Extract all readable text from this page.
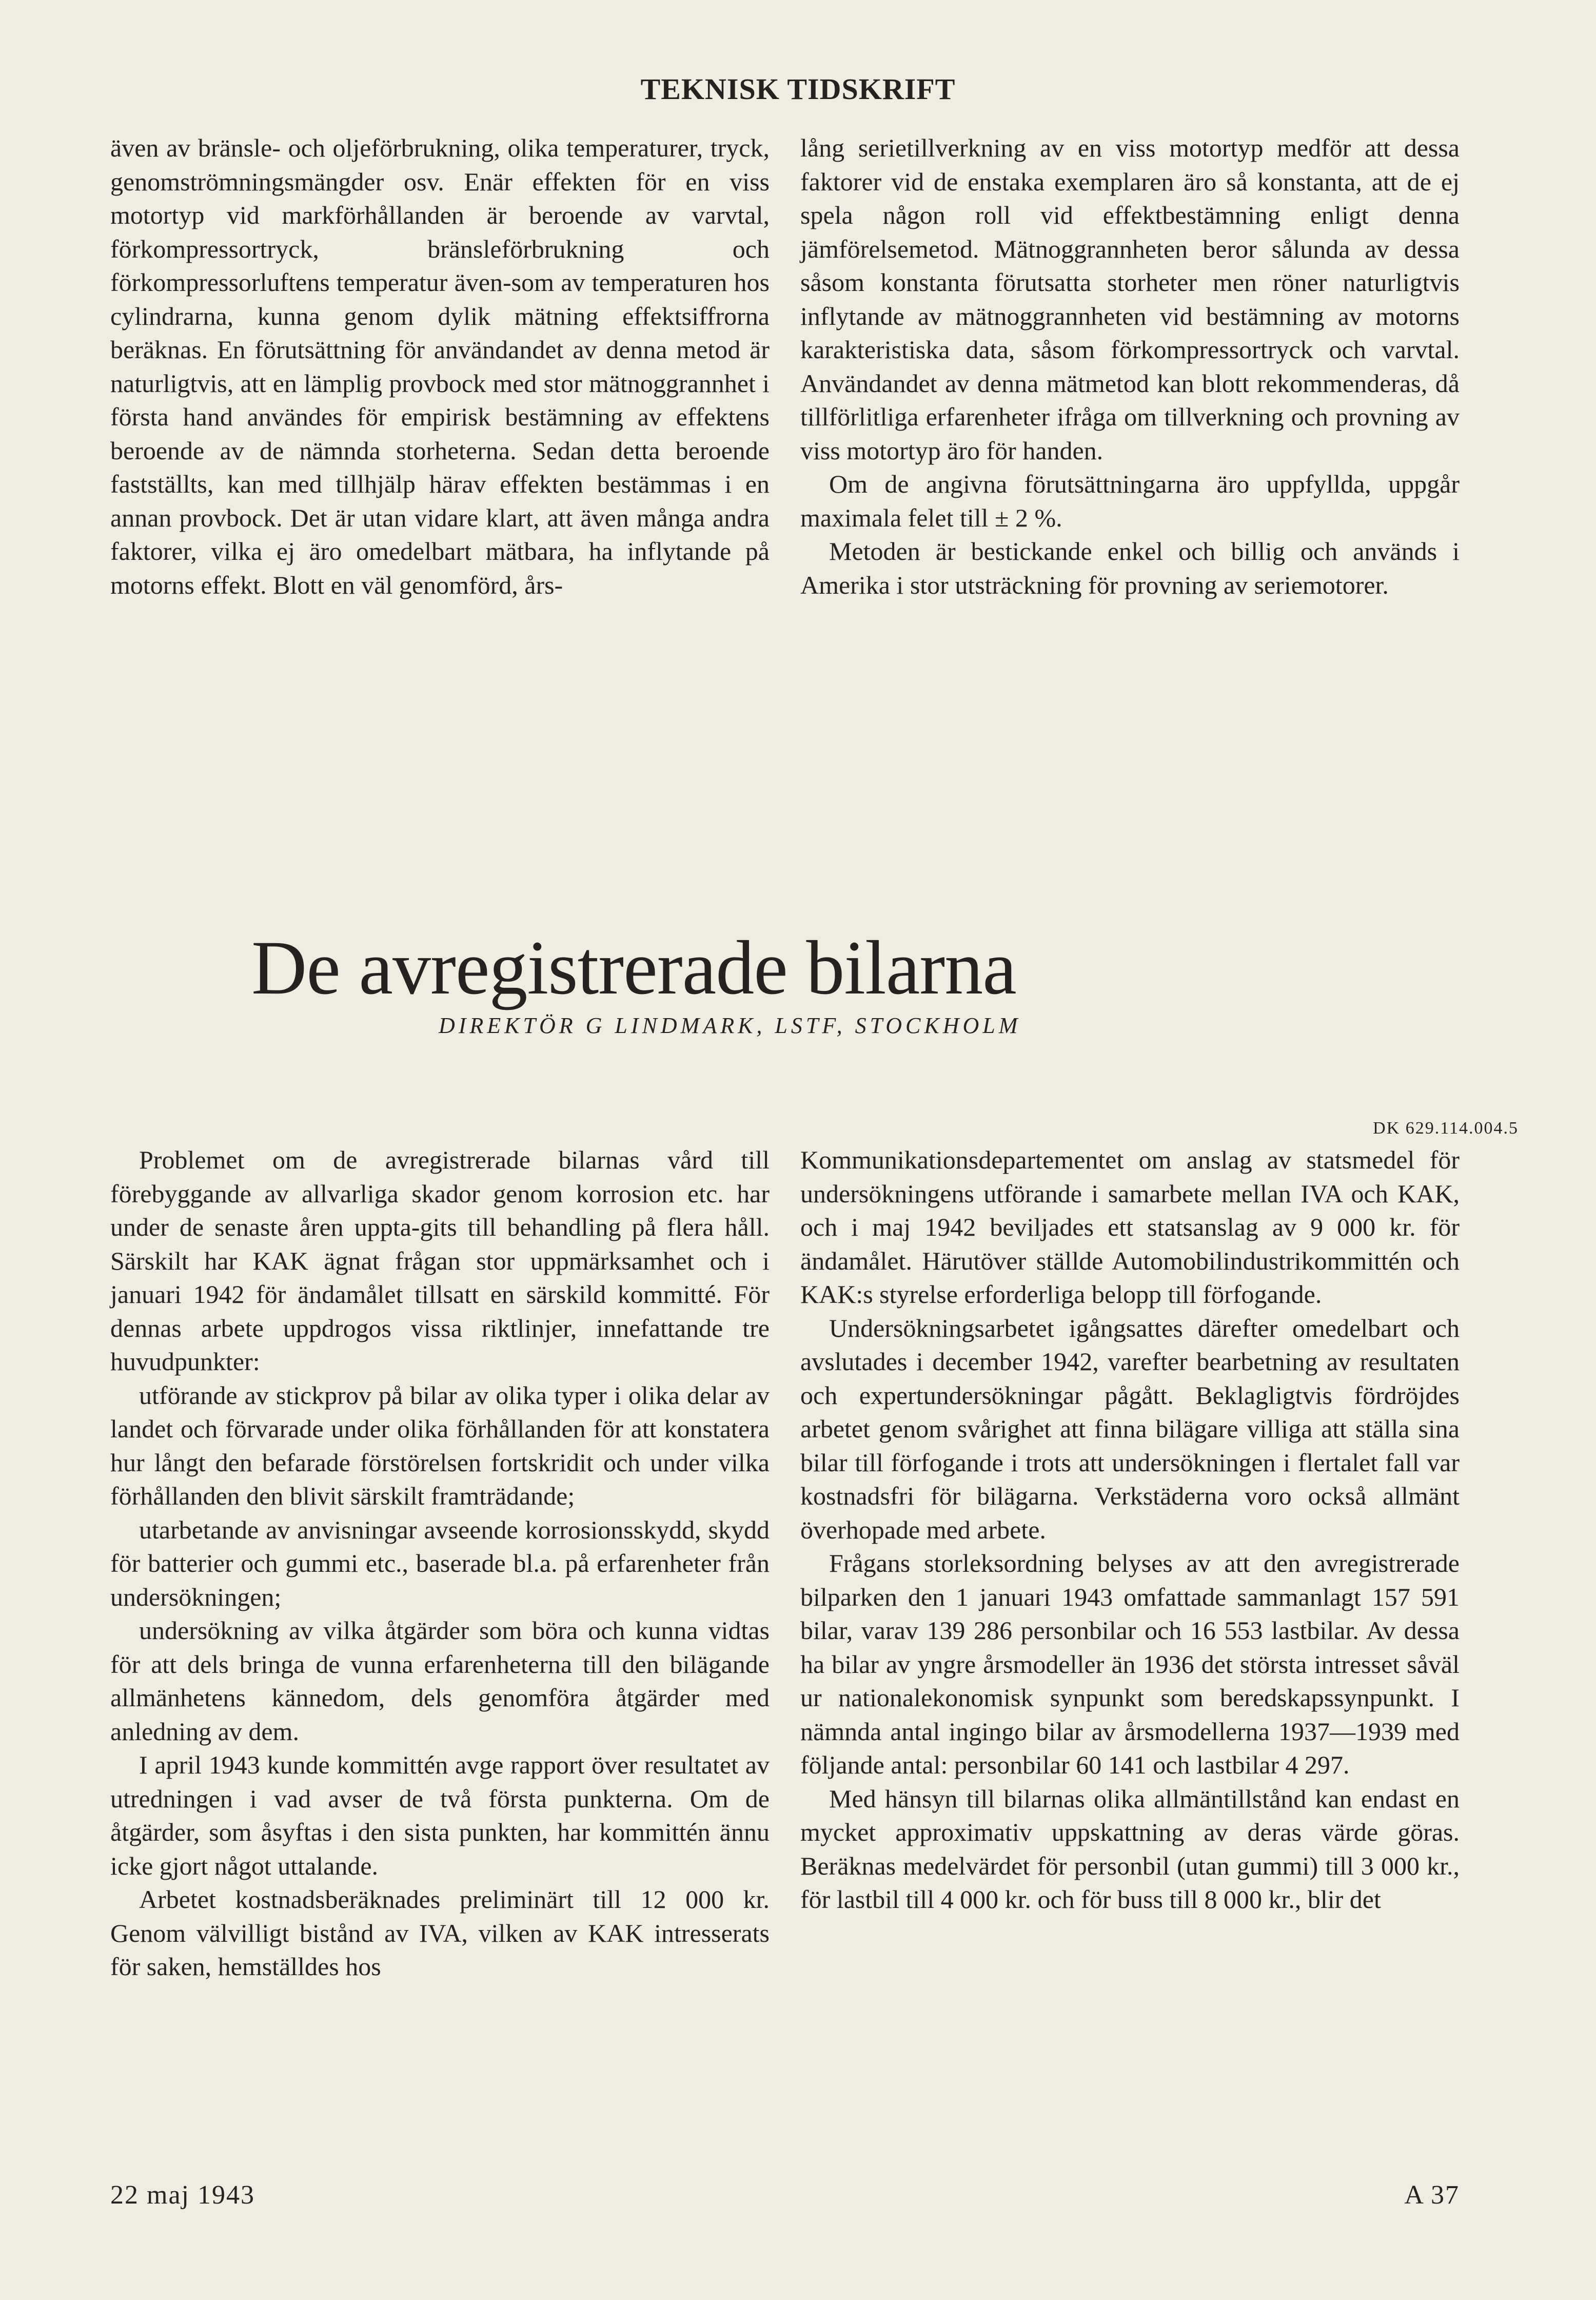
TEKNISK TIDSKRIFT

även av bränsle- och oljeförbrukning, olika temperaturer, tryck, genomströmningsmängder osv. Enär effekten för en viss motortyp vid markförhållanden är beroende av varvtal, förkompressortryck, bränsleförbrukning och förkompressorluftens temperatur även-som av temperaturen hos cylindrarna, kunna genom dylik mätning effektsiffrorna beräknas. En förutsättning för användandet av denna metod är naturligtvis, att en lämplig provbock med stor mätnoggrannhet i första hand användes för empirisk bestämning av effektens beroende av de nämnda storheterna. Sedan detta beroende fastställts, kan med tillhjälp härav effekten bestämmas i en annan provbock. Det är utan vidare klart, att även många andra faktorer, vilka ej äro omedelbart mätbara, ha inflytande på motorns effekt. Blott en väl genomförd, års-

lång serietillverkning av en viss motortyp medför att dessa faktorer vid de enstaka exemplaren äro så konstanta, att de ej spela någon roll vid effektbestämning enligt denna jämförelsemetod. Mätnoggrannheten beror sålunda av dessa såsom konstanta förutsatta storheter men röner naturligtvis inflytande av mätnoggrannheten vid bestämning av motorns karakteristiska data, såsom förkompressortryck och varvtal. Användandet av denna mätmetod kan blott rekommenderas, då tillförlitliga erfarenheter ifråga om tillverkning och provning av viss motortyp äro för handen.

Om de angivna förutsättningarna äro uppfyllda, uppgår maximala felet till ± 2 %.

Metoden är bestickande enkel och billig och används i Amerika i stor utsträckning för provning av seriemotorer.

De avregistrerade bilarna
DIREKTÖR G LINDMARK, LSTF, STOCKHOLM
DK 629.114.004.5

Problemet om de avregistrerade bilarnas vård till förebyggande av allvarliga skador genom korrosion etc. har under de senaste åren uppta-gits till behandling på flera håll. Särskilt har KAK ägnat frågan stor uppmärksamhet och i januari 1942 för ändamålet tillsatt en särskild kommitté. För dennas arbete uppdrogos vissa riktlinjer, innefattande tre huvudpunkter:

utförande av stickprov på bilar av olika typer i olika delar av landet och förvarade under olika förhållanden för att konstatera hur långt den befarade förstörelsen fortskridit och under vilka förhållanden den blivit särskilt framträdande;

utarbetande av anvisningar avseende korrosionsskydd, skydd för batterier och gummi etc., baserade bl.a. på erfarenheter från undersökningen;

undersökning av vilka åtgärder som böra och kunna vidtas för att dels bringa de vunna erfarenheterna till den bilägande allmänhetens kännedom, dels genomföra åtgärder med anledning av dem.

I april 1943 kunde kommittén avge rapport över resultatet av utredningen i vad avser de två första punkterna. Om de åtgärder, som åsyftas i den sista punkten, har kommittén ännu icke gjort något uttalande.

Arbetet kostnadsberäknades preliminärt till 12 000 kr. Genom välvilligt bistånd av IVA, vilken av KAK intresserats för saken, hemställdes hos

Kommunikationsdepartementet om anslag av statsmedel för undersökningens utförande i samarbete mellan IVA och KAK, och i maj 1942 beviljades ett statsanslag av 9 000 kr. för ändamålet. Härutöver ställde Automobilindustrikommittén och KAK:s styrelse erforderliga belopp till förfogande.

Undersökningsarbetet igångsattes därefter omedelbart och avslutades i december 1942, varefter bearbetning av resultaten och expertundersökningar pågått. Beklagligtvis fördröjdes arbetet genom svårighet att finna bilägare villiga att ställa sina bilar till förfogande i trots att undersökningen i flertalet fall var kostnadsfri för bilägarna. Verkstäderna voro också allmänt överhopade med arbete.

Frågans storleksordning belyses av att den avregistrerade bilparken den 1 januari 1943 omfattade sammanlagt 157 591 bilar, varav 139 286 personbilar och 16 553 lastbilar. Av dessa ha bilar av yngre årsmodeller än 1936 det största intresset såväl ur nationalekonomisk synpunkt som beredskapssynpunkt. I nämnda antal ingingo bilar av årsmodellerna 1937—1939 med följande antal: personbilar 60 141 och lastbilar 4 297.

Med hänsyn till bilarnas olika allmäntillstånd kan endast en mycket approximativ uppskattning av deras värde göras. Beräknas medelvärdet för personbil (utan gummi) till 3 000 kr., för lastbil till 4 000 kr. och för buss till 8 000 kr., blir det

22 maj 1943	A 37
